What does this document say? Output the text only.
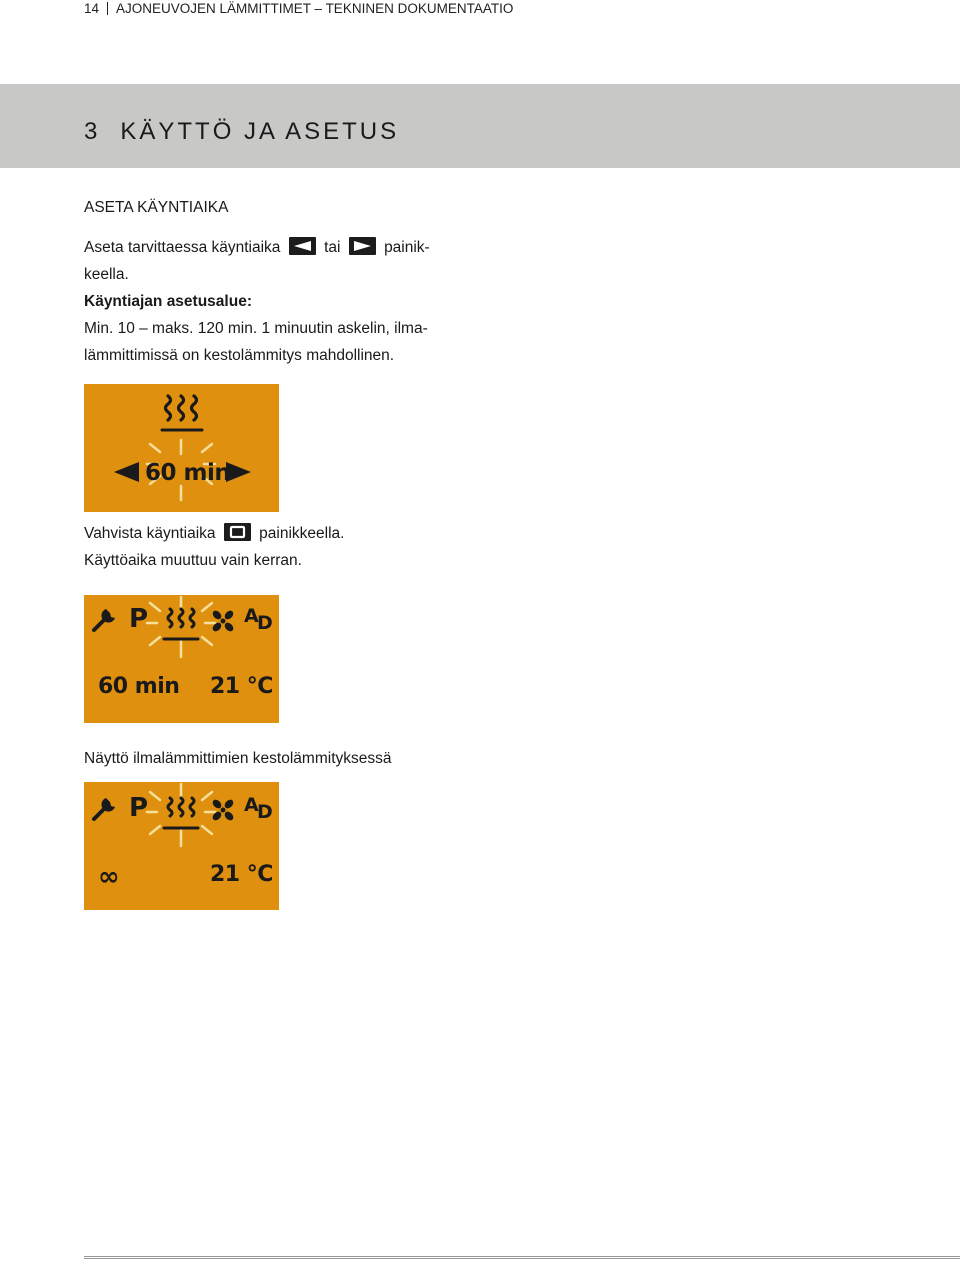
14 AJONEUVOJEN LÄMMITTIMET – TEKNINEN DOKUMENTAATIO
3 KÄYTTÖ JA ASETUS
ASETA KÄYNTIAIKA
Aseta tarvittaessa käyntiaika	tai	painik-
keella.
Käyntiajan asetusalue:
Min. 10 – maks. 120 min. 1 minuutin askelin, ilma-
lämmittimissä on kestolämmitys mahdollinen.
60 min
Vahvista käyntiaika	painikkeella.
Käyttöaika muuttuu vain kerran.
P	A
D
60 min 21 °C
Näyttö ilmalämmittimien kestolämmityksessä
P	A
D
∞	21 °C
